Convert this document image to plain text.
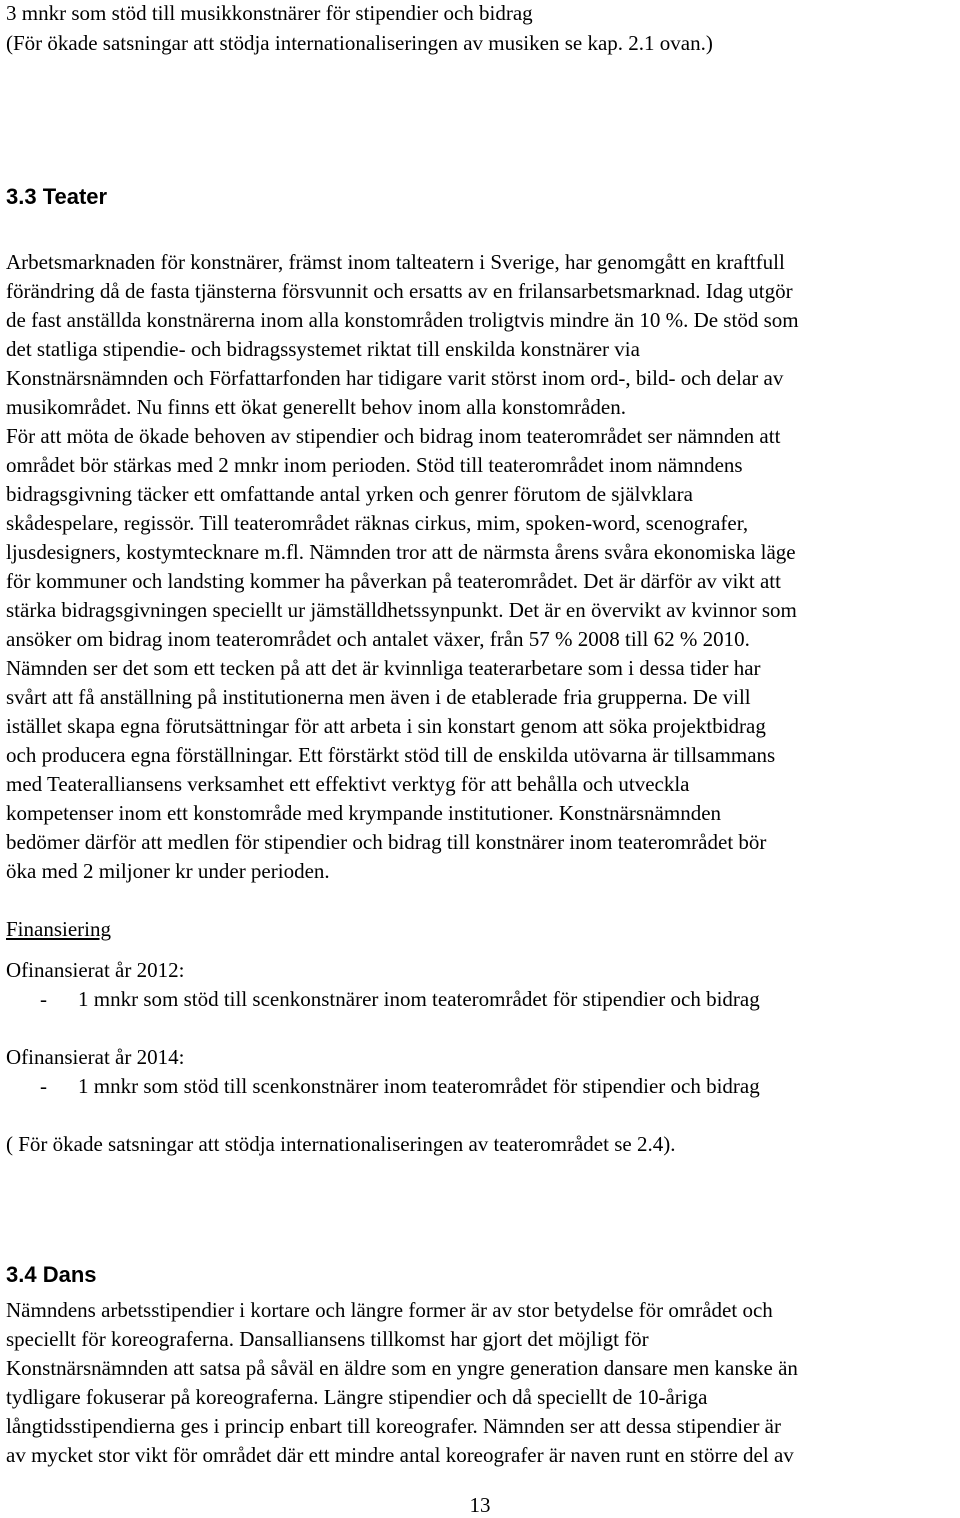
3 mnkr som stöd till musikkonstnärer för stipendier och bidrag
(För ökade satsningar att stödja internationaliseringen av musiken se kap. 2.1 ovan.)
3.3 Teater
Arbetsmarknaden för konstnärer, främst inom talteatern i Sverige, har genomgått en kraftfull
förändring då de fasta tjänsterna försvunnit och ersatts av en frilansarbetsmarknad. Idag utgör
de fast anställda konstnärerna inom alla konstområden troligtvis mindre än 10 %. De stöd som
det statliga stipendie- och bidragssystemet riktat till enskilda konstnärer via
Konstnärsnämnden och Författarfonden har tidigare varit störst inom ord-, bild- och delar av
musikområdet. Nu finns ett ökat generellt behov inom alla konstområden.
För att möta de ökade behoven av stipendier och bidrag inom teaterområdet ser nämnden att
området bör stärkas med 2 mnkr inom perioden. Stöd till teaterområdet inom nämndens
bidragsgivning täcker ett omfattande antal yrken och genrer förutom de självklara
skådespelare, regissör. Till teaterområdet räknas cirkus, mim, spoken-word, scenografer,
ljusdesigners, kostymtecknare m.fl. Nämnden tror att de närmsta årens svåra ekonomiska läge
för kommuner och landsting kommer ha påverkan på teaterområdet. Det är därför av vikt att
stärka bidragsgivningen speciellt ur jämställdhetssynpunkt. Det är en övervikt av kvinnor som
ansöker om bidrag inom teaterområdet och antalet växer, från 57 % 2008 till 62 % 2010.
Nämnden ser det som ett tecken på att det är kvinnliga teaterarbetare som i dessa tider har
svårt att få anställning på institutionerna men även i de etablerade fria grupperna. De vill
istället skapa egna förutsättningar för att arbeta i sin konstart genom att söka projektbidrag
och producera egna förställningar. Ett förstärkt stöd till de enskilda utövarna är tillsammans
med Teateralliansens verksamhet ett effektivt verktyg för att behålla och utveckla
kompetenser inom ett konstområde med krympande institutioner. Konstnärsnämnden
bedömer därför att medlen för stipendier och bidrag till konstnärer inom teaterområdet bör
öka med 2 miljoner kr under perioden.
Finansiering
Ofinansierat år 2012:
- 1 mnkr som stöd till scenkonstnärer inom teaterområdet för stipendier och bidrag
Ofinansierat år 2014:
- 1 mnkr som stöd till scenkonstnärer inom teaterområdet för stipendier och bidrag
( För ökade satsningar att stödja internationaliseringen av teaterområdet se 2.4).
3.4 Dans
Nämndens arbetsstipendier i kortare och längre former är av stor betydelse för området och
speciellt för koreograferna. Dansalliansens tillkomst har gjort det möjligt för
Konstnärsnämnden att satsa på såväl en äldre som en yngre generation dansare men kanske än
tydligare fokuserar på koreograferna. Längre stipendier och då speciellt de 10-åriga
långtidsstipendierna ges i princip enbart till koreografer. Nämnden ser att dessa stipendier är
av mycket stor vikt för området där ett mindre antal koreografer är naven runt en större del av
13
